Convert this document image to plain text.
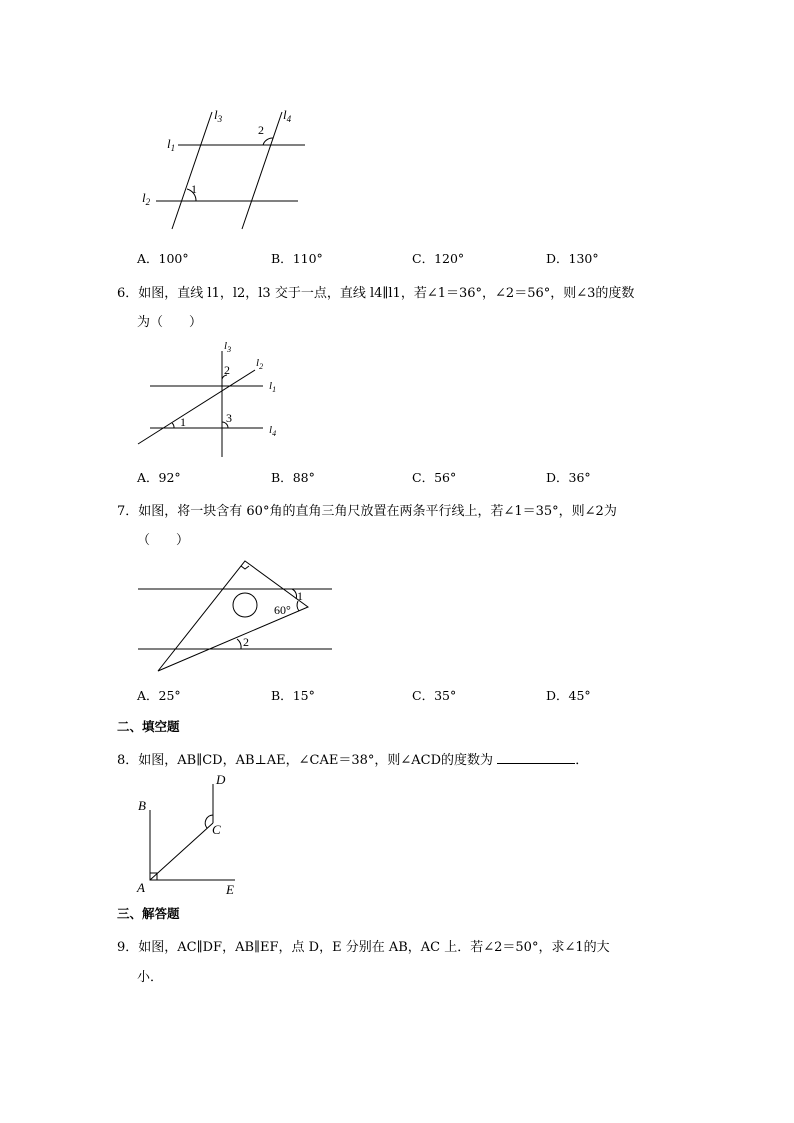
$l_3$	$l_4$
$l_1$
$l_2$
1
2
A．100°	B．110°	C．120°	D．130°
6．如图，直线 l1，l2，l3 交于一点，直线 l4∥l1，若∠1＝36°，∠2＝56°，则∠3的度数
为（　　）
$l_3$
$l_2$
$l_1$
$l_4$
1
2
3
A．92°	B．88°	C．56°	D．36°
7．如图，将一块含有 60°角的直角三角尺放置在两条平行线上，若∠1＝35°，则∠2为
（　　）
1
60°
2
A．25°	B．15°	C．35°	D．45°
二、填空题
8．如图，AB∥CD，AB⊥AE，∠CAE＝38°，则∠ACD的度数为	．
B
A	E
D
C
三、解答题
9．如图，AC∥DF，AB∥EF，点 D，E 分别在 AB，AC 上．若∠2＝50°，求∠1的大
小．
